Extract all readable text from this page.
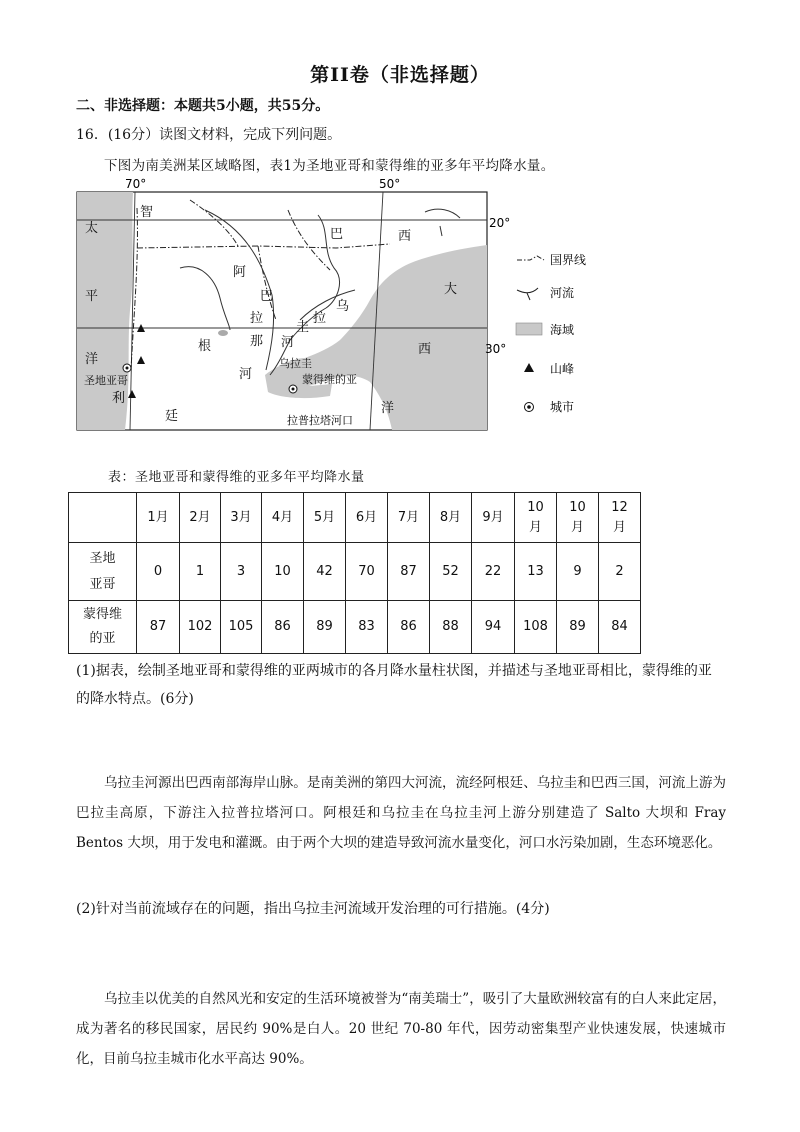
第II卷（非选择题）
二、非选择题：本题共5小题，共55分。
16．(16分）读图文材料，完成下列问题。
下图为南美洲某区域略图，表1为圣地亚哥和蒙得维的亚多年平均降水量。
70°	50°
太
平
洋
智
利
阿
根
廷
巴	西
大
西
洋
巴
拉
那
河
乌
圭
拉
河
乌拉圭
圣地亚哥	蒙得维的亚
拉普拉塔河口
20°
30°
国界线
河流
海域
山峰
城市
表：圣地亚哥和蒙得维的亚多年平均降水量
	1月	2月	3月	4月	5月	6月	7月	8月	9月	10
月	10
月	12
月
圣地
亚哥	0	1	3	10	42	70	87	52	22	13	9	2
蒙得维
的亚	87	102	105	86	89	83	86	88	94	108	89	84
(1)据表，绘制圣地亚哥和蒙得维的亚两城市的各月降水量柱状图，并描述与圣地亚哥相比，蒙得维的亚
的降水特点。(6分)
乌拉圭河源出巴西南部海岸山脉。是南美洲的第四大河流，流经阿根廷、乌拉圭和巴西三国，河流上游为巴拉圭高原，下游注入拉普拉塔河口。阿根廷和乌拉圭在乌拉圭河上游分别建造了 Salto 大坝和 Fray Bentos 大坝，用于发电和灌溉。由于两个大坝的建造导致河流水量变化，河口水污染加剧，生态环境恶化。
(2)针对当前流域存在的问题，指出乌拉圭河流域开发治理的可行措施。(4分)
乌拉圭以优美的自然风光和安定的生活环境被誉为“南美瑞士”，吸引了大量欧洲较富有的白人来此定居，成为著名的移民国家，居民约 90%是白人。20 世纪 70-80 年代，因劳动密集型产业快速发展，快速城市化，目前乌拉圭城市化水平高达 90%。
